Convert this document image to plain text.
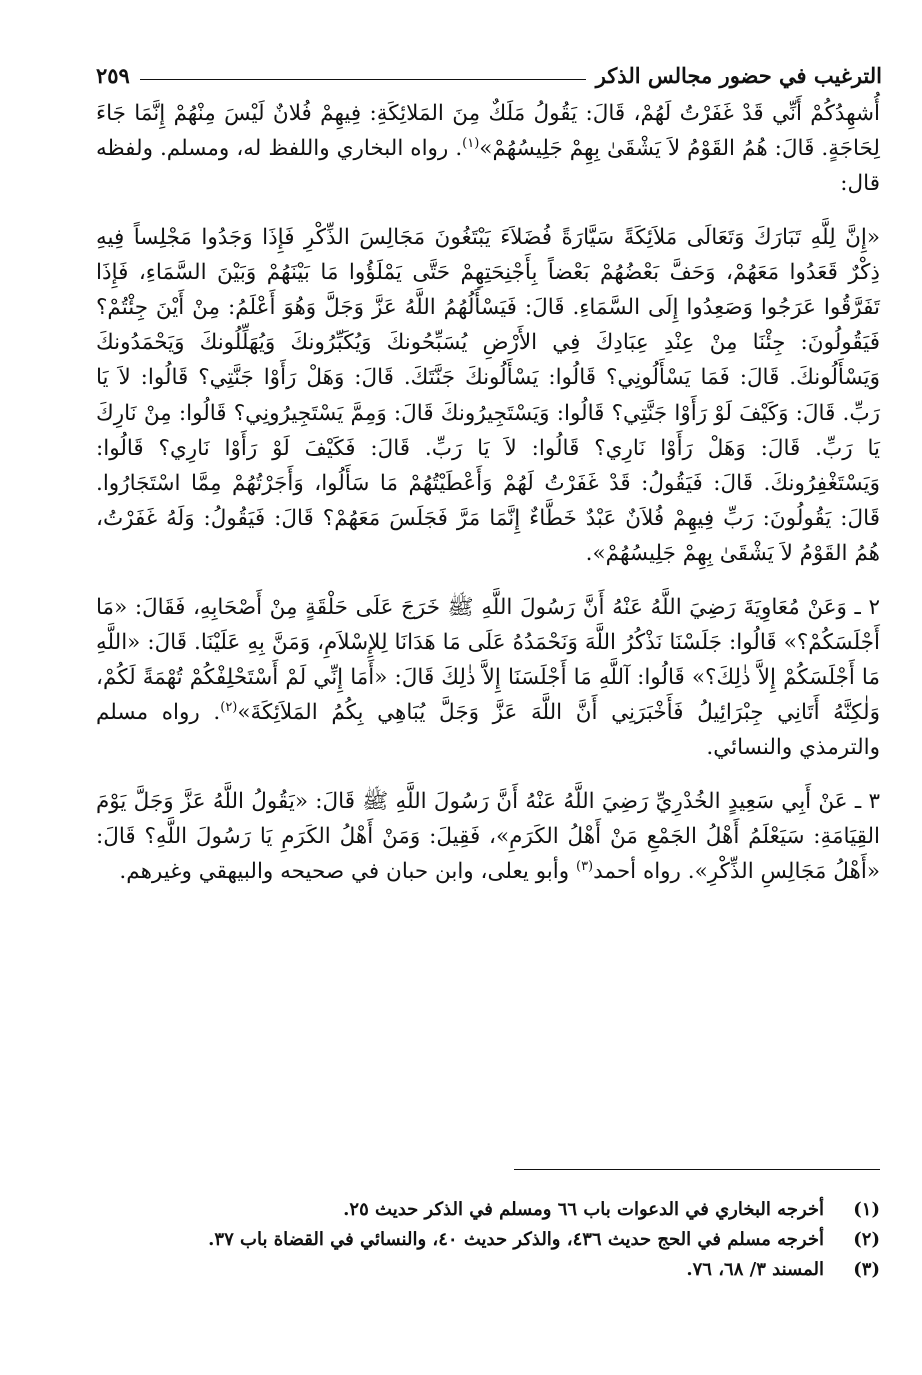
الترغيب في حضور مجالس الذكر
٢٥٩

أُشهِدُكُمْ أَنِّي قَدْ غَفَرْتُ لَهُمْ، قَالَ: يَقُولُ مَلَكٌ مِنَ المَلائِكَةِ: فِيهِمْ فُلانٌ لَيْسَ مِنْهُمْ إِنَّمَا جَاءَ لِحَاجَةٍ. قَالَ: هُمُ القَوْمُ لاَ يَشْقَىٰ بِهِمْ جَلِيسُهُمْ»$^{(١)}$. رواه البخاري واللفظ له، ومسلم. ولفظه قال:

«إِنَّ لِلَّهِ تَبَارَكَ وَتَعَالَى مَلاَئِكَةً سَيَّارَةً فُضَلاَءَ يَبْتَغُونَ مَجَالِسَ الذِّكْرِ فَإِذَا وَجَدُوا مَجْلِساً فِيهِ ذِكْرٌ قَعَدُوا مَعَهُمْ، وَحَفَّ بَعْضُهُمْ بَعْضاً بِأَجْنِحَتِهِمْ حَتَّى يَمْلَؤُوا مَا بَيْنَهُمْ وَبَيْنَ السَّمَاءِ، فَإِذَا تَفَرَّقُوا عَرَجُوا وَصَعِدُوا إِلَى السَّمَاءِ. قَالَ: فَيَسْأَلُهُمُ اللَّهُ عَزَّ وَجَلَّ وَهُوَ أَعْلَمُ: مِنْ أَيْنَ جِئْتُمْ؟ فَيَقُولُونَ: جِئْنَا مِنْ عِنْدِ عِبَادِكَ فِي الأَرْضِ يُسَبِّحُونكَ وَيُكَبِّرُونكَ وَيُهَلِّلُونكَ وَيَحْمَدُونكَ وَيَسْأَلُونكَ. قَالَ: فَمَا يَسْأَلُونِي؟ قَالُوا: يَسْأَلُونكَ جَنَّتَكَ. قَالَ: وَهَلْ رَأَوْا جَنَّتِي؟ قَالُوا: لاَ يَا رَبِّ. قَالَ: وَكَيْفَ لَوْ رَأَوْا جَنَّتِي؟ قَالُوا: وَيَسْتَجِيرُونكَ قَالَ: وَمِمَّ يَسْتَجِيرُونِي؟ قَالُوا: مِنْ نَارِكَ يَا رَبِّ. قَالَ: وَهَلْ رَأَوْا نَارِي؟ قَالُوا: لاَ يَا رَبِّ. قَالَ: فَكَيْفَ لَوْ رَأَوْا نَارِي؟ قَالُوا: وَيَسْتَغْفِرُونكَ. قَالَ: فَيَقُولُ: قَدْ غَفَرْتُ لَهُمْ وَأَعْطَيْتُهُمْ مَا سَأَلُوا، وَأَجَرْتُهُمْ مِمَّا اسْتَجَارُوا. قَالَ: يَقُولُونَ: رَبِّ فِيهِمْ فُلاَنٌ عَبْدٌ خَطَّاءٌ إِنَّمَا مَرَّ فَجَلَسَ مَعَهُمْ؟ قَالَ: فَيَقُولُ: وَلَهُ غَفَرْتُ، هُمُ القَوْمُ لاَ يَشْقَىٰ بِهِمْ جَلِيسُهُمْ».

٢ ـ وَعَنْ مُعَاوِيَةَ رَضِيَ اللَّهُ عَنْهُ أَنَّ رَسُولَ اللَّهِ ﷺ خَرَجَ عَلَى حَلْقَةٍ مِنْ أَصْحَابِهِ، فَقَالَ: «مَا أَجْلَسَكُمْ؟» قَالُوا: جَلَسْنَا نَذْكُرُ اللَّهَ وَنَحْمَدُهُ عَلَى مَا هَدَانَا لِلإِسْلاَمِ، وَمَنَّ بِهِ عَلَيْنَا. قَالَ: «اللَّهِ مَا أَجْلَسَكُمْ إِلاَّ ذٰلِكَ؟» قَالُوا: آللَّهِ مَا أَجْلَسَنَا إِلاَّ ذٰلِكَ قَالَ: «أَمَا إِنِّي لَمْ أَسْتَحْلِفْكُمْ تُهْمَةً لَكُمْ، وَلٰكِنَّهُ أَتَانِي جِبْرَائِيلُ فَأَخْبَرَنِي أَنَّ اللَّهَ عَزَّ وَجَلَّ يُبَاهِي بِكُمُ المَلاَئِكَةَ»$^{(٢)}$. رواه مسلم والترمذي والنسائي.

٣ ـ عَنْ أَبِي سَعِيدٍ الخُدْرِيِّ رَضِيَ اللَّهُ عَنْهُ أَنَّ رَسُولَ اللَّهِ ﷺ قَالَ: «يَقُولُ اللَّهُ عَزَّ وَجَلَّ يَوْمَ القِيَامَةِ: سَيَعْلَمُ أَهْلُ الجَمْعِ مَنْ أَهْلُ الكَرَمِ»، فَقِيلَ: وَمَنْ أَهْلُ الكَرَمِ يَا رَسُولَ اللَّهِ؟ قَالَ: «أَهْلُ مَجَالِسِ الذِّكْرِ». رواه أحمد$^{(٣)}$ وأبو يعلى، وابن حبان في صحيحه والبيهقي وغيرهم.

(١)
أخرجه البخاري في الدعوات باب ٦٦ ومسلم في الذكر حديث ٢٥.
(٢)
أخرجه مسلم في الحج حديث ٤٣٦، والذكر حديث ٤٠، والنسائي في القضاة باب ٣٧.
(٣)
المسند ٣/ ٦٨، ٧٦.
